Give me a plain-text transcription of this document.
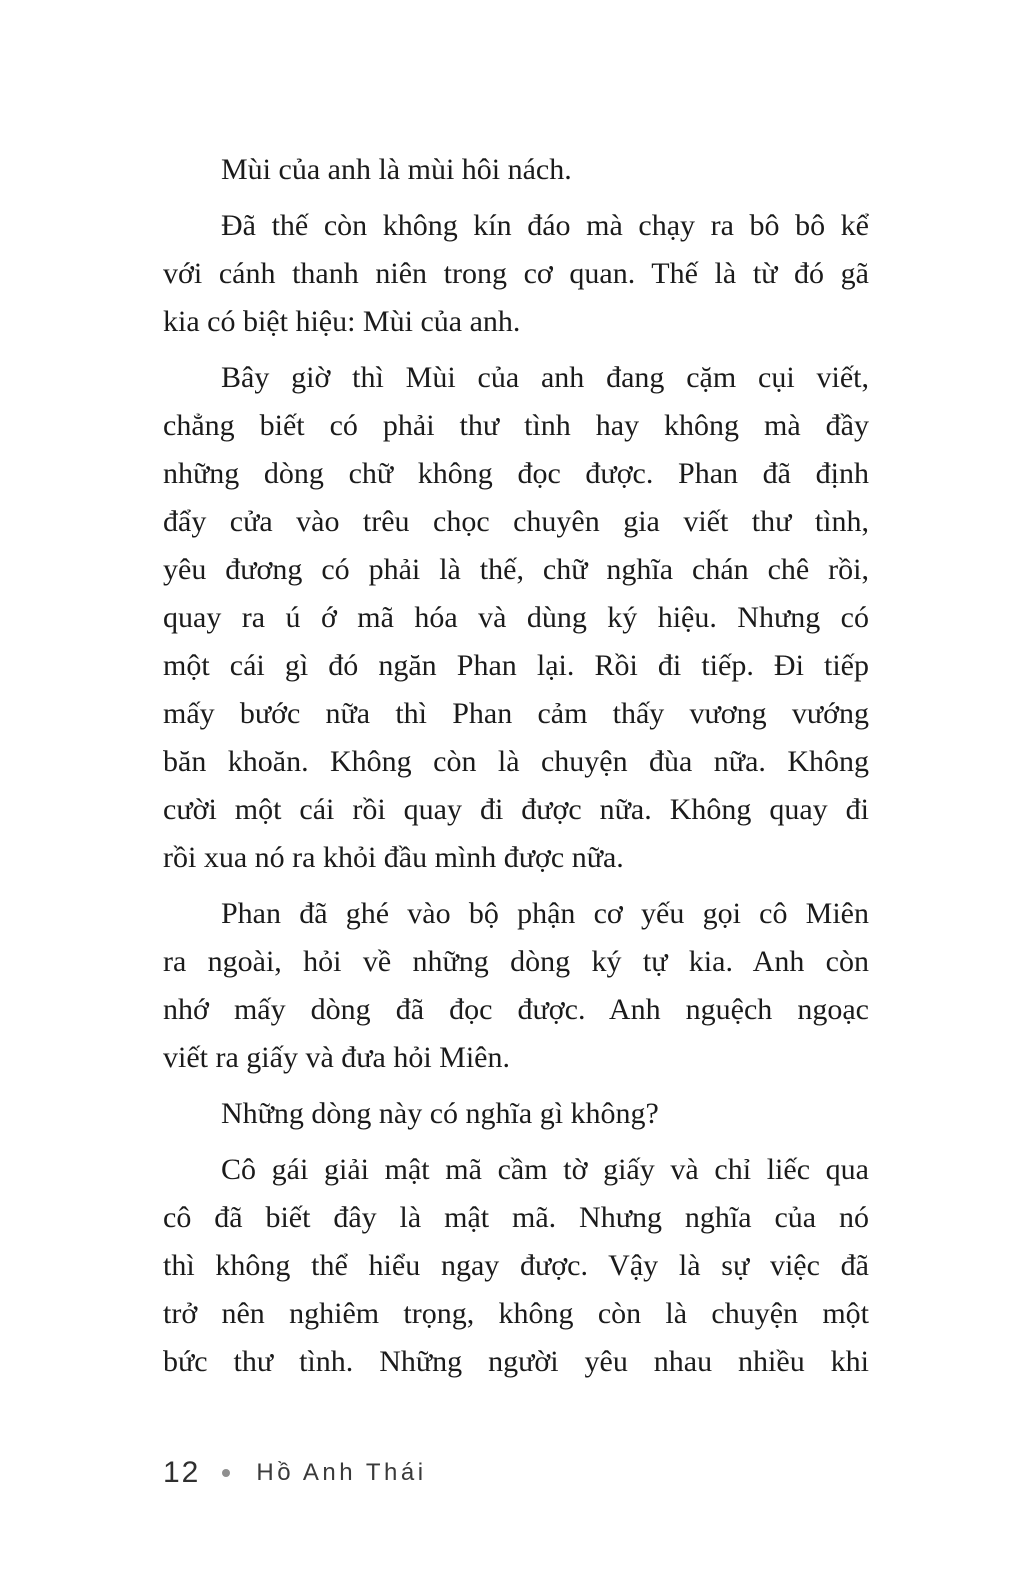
Mùi của anh là mùi hôi nách.
Đã thế còn không kín đáo mà chạy ra bô bô kể
với cánh thanh niên trong cơ quan. Thế là từ đó gã
kia có biệt hiệu: Mùi của anh.
Bây giờ thì Mùi của anh đang cặm cụi viết,
chẳng biết có phải thư tình hay không mà đầy
những dòng chữ không đọc được. Phan đã định
đẩy cửa vào trêu chọc chuyên gia viết thư tình,
yêu đương có phải là thế, chữ nghĩa chán chê rồi,
quay ra ú ớ mã hóa và dùng ký hiệu. Nhưng có
một cái gì đó ngăn Phan lại. Rồi đi tiếp. Đi tiếp
mấy bước nữa thì Phan cảm thấy vương vướng
băn khoăn. Không còn là chuyện đùa nữa. Không
cười một cái rồi quay đi được nữa. Không quay đi
rồi xua nó ra khỏi đầu mình được nữa.
Phan đã ghé vào bộ phận cơ yếu gọi cô Miên
ra ngoài, hỏi về những dòng ký tự kia. Anh còn
nhớ mấy dòng đã đọc được. Anh nguệch ngoạc
viết ra giấy và đưa hỏi Miên.
Những dòng này có nghĩa gì không?
Cô gái giải mật mã cầm tờ giấy và chỉ liếc qua
cô đã biết đây là mật mã. Nhưng nghĩa của nó
thì không thể hiểu ngay được. Vậy là sự việc đã
trở nên nghiêm trọng, không còn là chuyện một
bức thư tình. Những người yêu nhau nhiều khi
12 Hồ Anh Thái
